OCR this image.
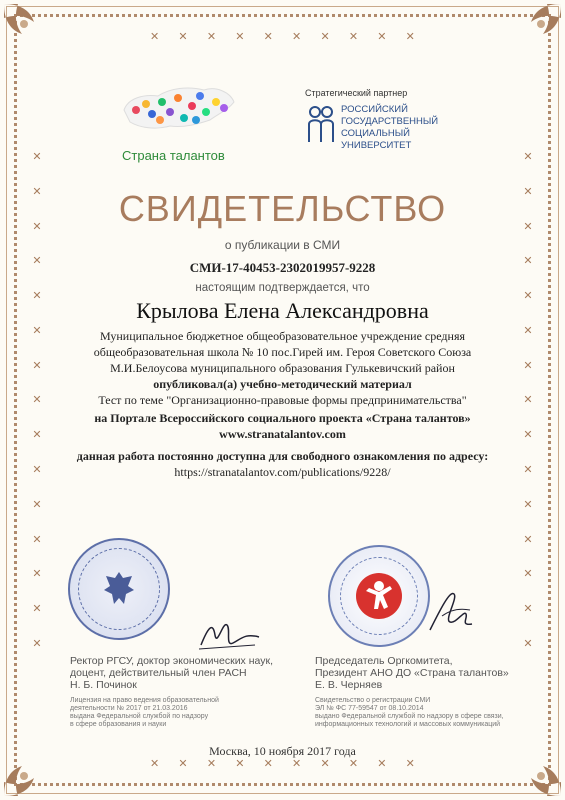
✕
✕
✕
✕
✕
✕
✕
✕
✕
✕
✕
✕
✕
✕
✕
✕
✕
✕
✕
✕
✕
✕
✕
✕
✕
✕
✕
✕
✕
✕
✕ ✕ ✕ ✕ ✕ ✕ ✕ ✕ ✕ ✕
✕ ✕ ✕ ✕ ✕ ✕ ✕ ✕ ✕ ✕
Страна талантов
Стратегический партнер
РОССИЙСКИЙ
ГОСУДАРСТВЕННЫЙ
СОЦИАЛЬНЫЙ
УНИВЕРСИТЕТ
СВИДЕТЕЛЬСТВО
о публикации в СМИ
СМИ-17-40453-2302019957-9228
настоящим подтверждается, что
Крылова Елена Александровна
Муниципальное бюджетное общеобразовательное учреждение средняя
общеобразовательная школа № 10 пос.Гирей им. Героя Советского Союза
М.И.Белоусова муниципального образования Гулькевичский район
опубликовал(а) учебно-методический материал
Тест по теме "Организационно-правовые формы предпринимательства"
на Портале Всероссийского социального проекта «Страна талантов»
www.stranatalantov.com
данная работа постоянно доступна для свободного ознакомления по адресу:
https://stranatalantov.com/publications/9228/
Ректор РГСУ, доктор экономических наук,
доцент, действительный член РАСН
Н. Б. Починок
Лицензия на право ведения образовательной
деятельности № 2017 от 21.03.2016
выдана Федеральной службой по надзору
в сфере образования и науки
Председатель Оргкомитета,
Президент АНО ДО «Страна талантов»
Е. В. Черняев
Свидетельство о регистрации СМИ
ЭЛ № ФС 77-59547 от 08.10.2014
выдано Федеральной службой по надзору в сфере связи,
информационных технологий и массовых коммуникаций
Москва, 10 ноября 2017 года
